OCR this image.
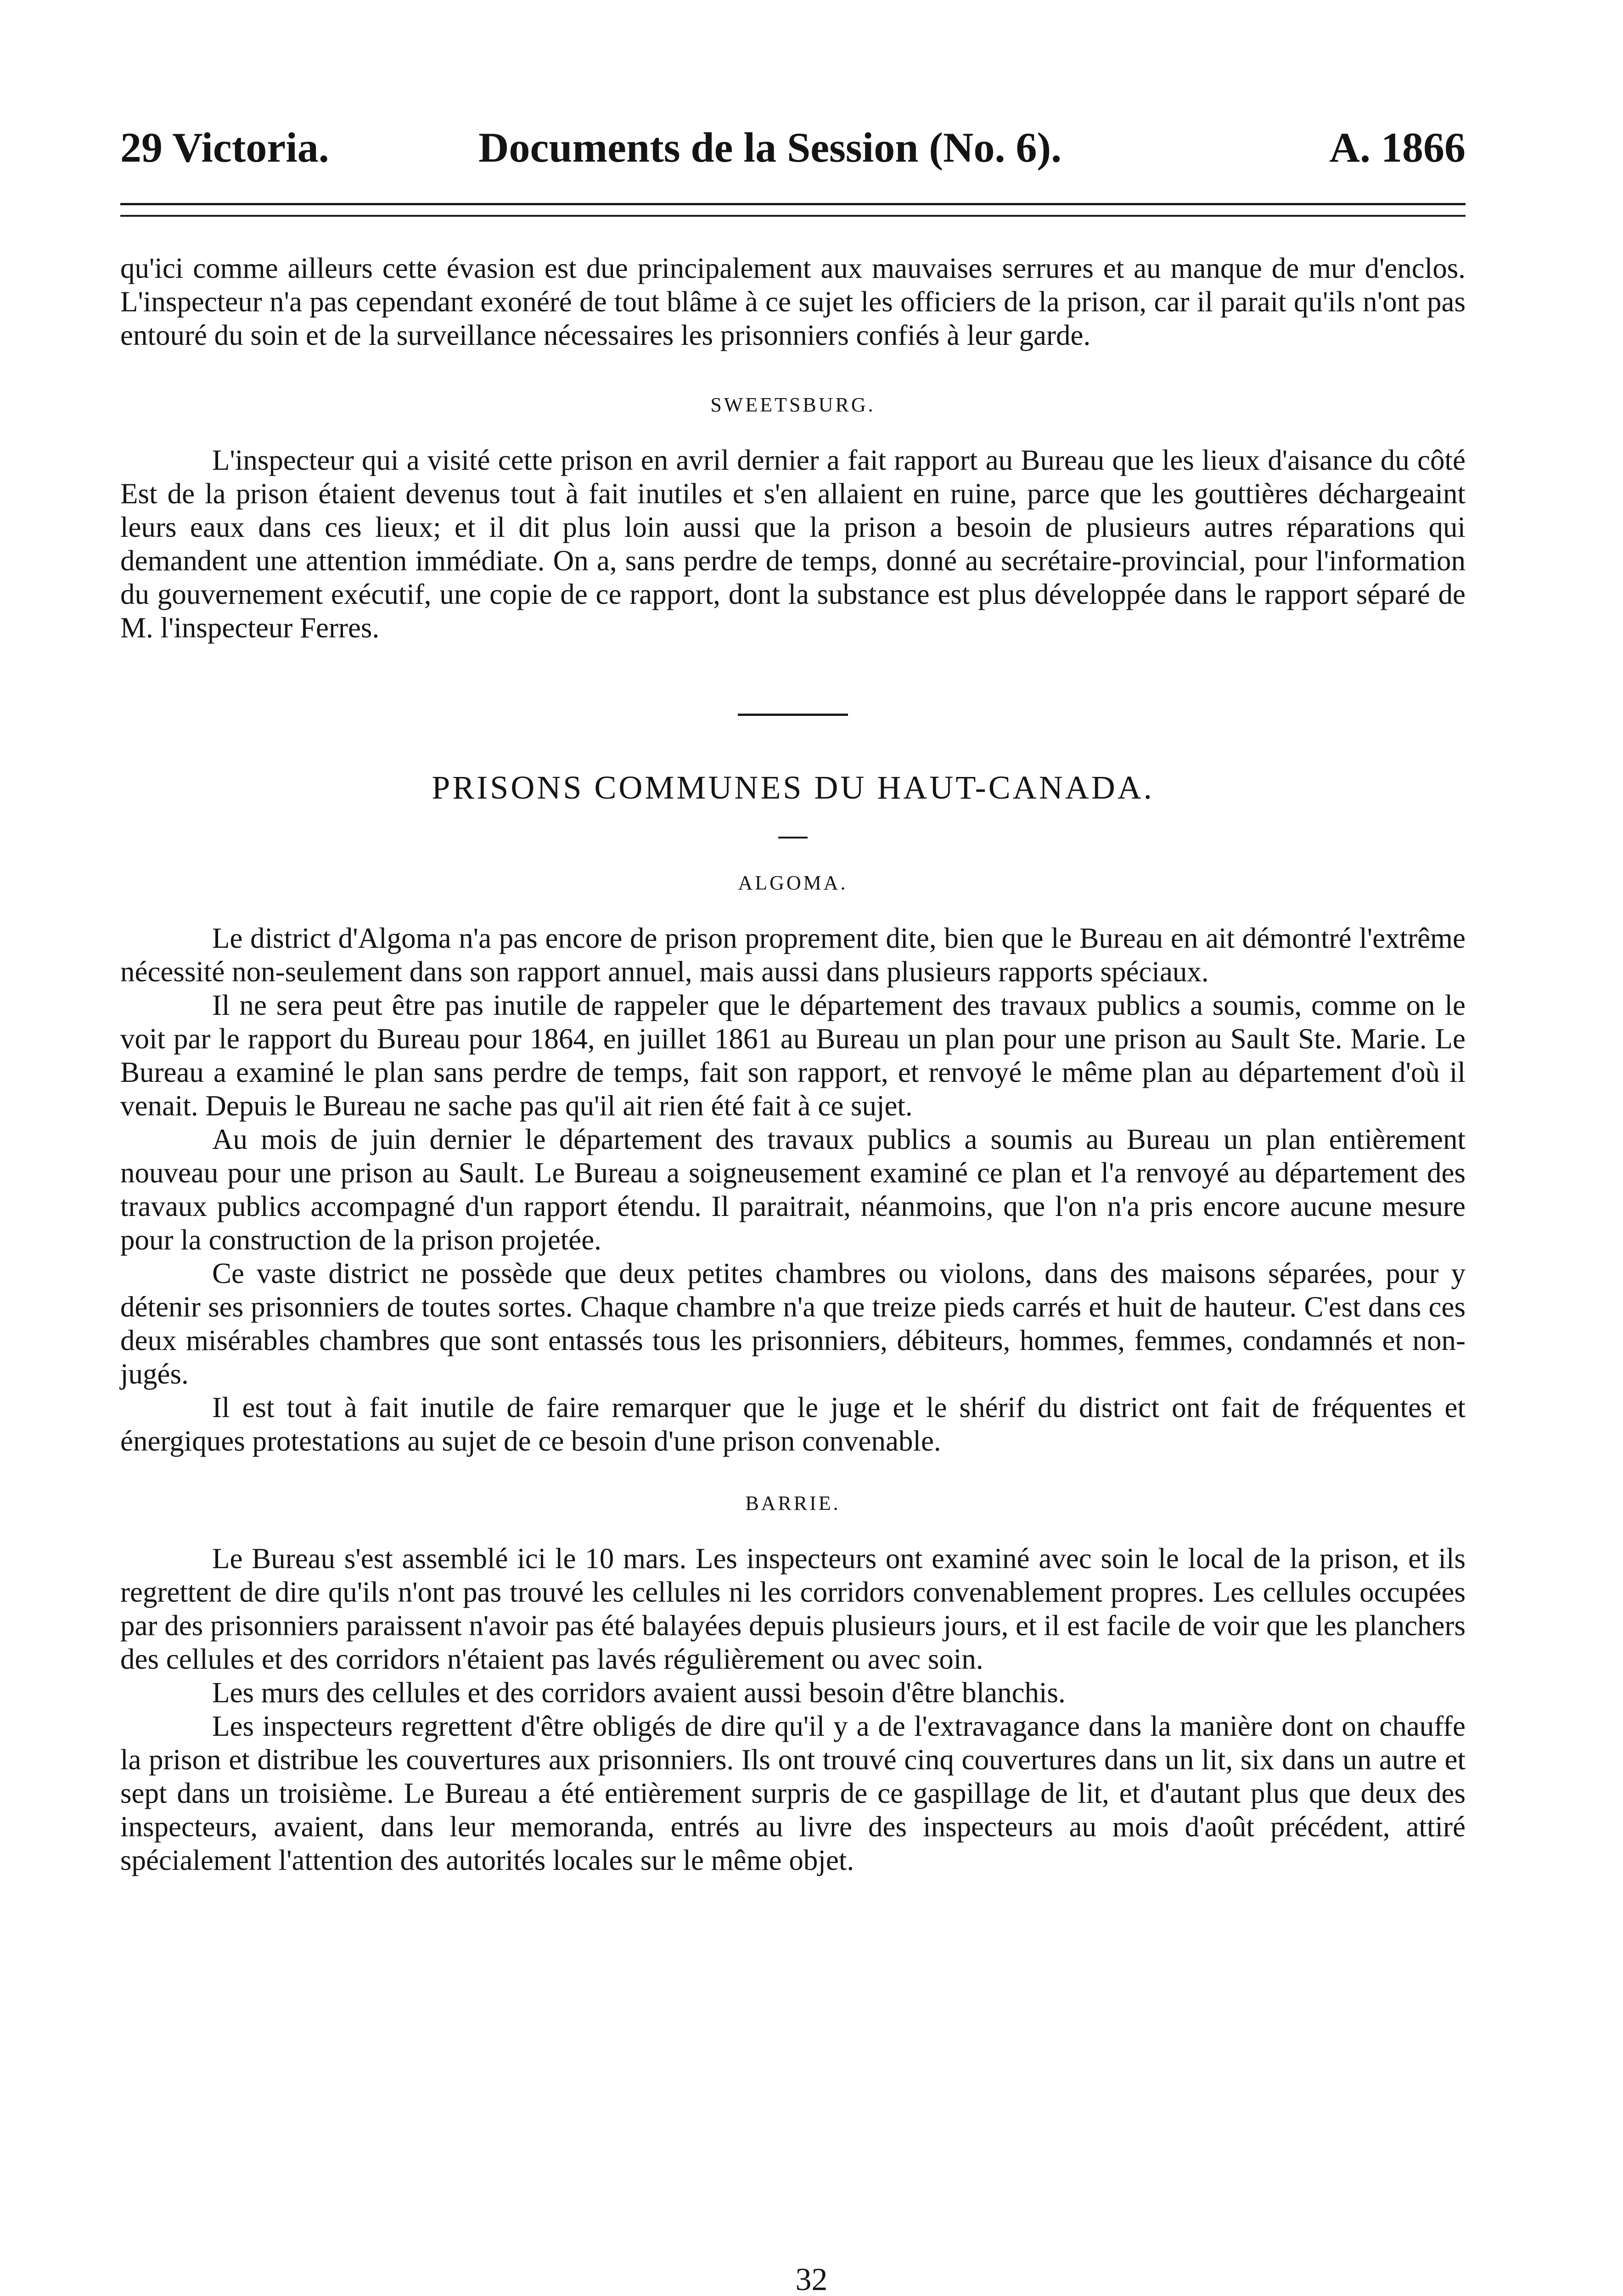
29 Victoria.	Documents de la Session (No. 6).	A. 1866

qu'ici comme ailleurs cette évasion est due principalement aux mauvaises serrures et au manque de mur d'enclos. L'inspecteur n'a pas cependant exonéré de tout blâme à ce sujet les officiers de la prison, car il parait qu'ils n'ont pas entouré du soin et de la surveillance nécessaires les prisonniers confiés à leur garde.

SWEETSBURG.

L'inspecteur qui a visité cette prison en avril dernier a fait rapport au Bureau que les lieux d'aisance du côté Est de la prison étaient devenus tout à fait inutiles et s'en allaient en ruine, parce que les gouttières déchargeaint leurs eaux dans ces lieux; et il dit plus loin aussi que la prison a besoin de plusieurs autres réparations qui demandent une attention immédiate. On a, sans perdre de temps, donné au secrétaire-provincial, pour l'information du gouvernement exécutif, une copie de ce rapport, dont la substance est plus développée dans le rapport séparé de M. l'inspecteur Ferres.

PRISONS COMMUNES DU HAUT-CANADA.
ALGOMA.

Le district d'Algoma n'a pas encore de prison proprement dite, bien que le Bureau en ait démontré l'extrême nécessité non-seulement dans son rapport annuel, mais aussi dans plusieurs rapports spéciaux.

Il ne sera peut être pas inutile de rappeler que le département des travaux publics a soumis, comme on le voit par le rapport du Bureau pour 1864, en juillet 1861 au Bureau un plan pour une prison au Sault Ste. Marie. Le Bureau a examiné le plan sans perdre de temps, fait son rapport, et renvoyé le même plan au département d'où il venait. Depuis le Bureau ne sache pas qu'il ait rien été fait à ce sujet.

Au mois de juin dernier le département des travaux publics a soumis au Bureau un plan entièrement nouveau pour une prison au Sault. Le Bureau a soigneusement examiné ce plan et l'a renvoyé au département des travaux publics accompagné d'un rapport étendu. Il paraitrait, néanmoins, que l'on n'a pris encore aucune mesure pour la construction de la prison projetée.

Ce vaste district ne possède que deux petites chambres ou violons, dans des maisons séparées, pour y détenir ses prisonniers de toutes sortes. Chaque chambre n'a que treize pieds carrés et huit de hauteur. C'est dans ces deux misérables chambres que sont entassés tous les prisonniers, débiteurs, hommes, femmes, condamnés et non-jugés.

Il est tout à fait inutile de faire remarquer que le juge et le shérif du district ont fait de fréquentes et énergiques protestations au sujet de ce besoin d'une prison convenable.

BARRIE.

Le Bureau s'est assemblé ici le 10 mars. Les inspecteurs ont examiné avec soin le local de la prison, et ils regrettent de dire qu'ils n'ont pas trouvé les cellules ni les corridors convenablement propres. Les cellules occupées par des prisonniers paraissent n'avoir pas été balayées depuis plusieurs jours, et il est facile de voir que les planchers des cellules et des corridors n'étaient pas lavés régulièrement ou avec soin.

Les murs des cellules et des corridors avaient aussi besoin d'être blanchis.

Les inspecteurs regrettent d'être obligés de dire qu'il y a de l'extravagance dans la manière dont on chauffe la prison et distribue les couvertures aux prisonniers. Ils ont trouvé cinq couvertures dans un lit, six dans un autre et sept dans un troisième. Le Bureau a été entièrement surpris de ce gaspillage de lit, et d'autant plus que deux des inspecteurs, avaient, dans leur memoranda, entrés au livre des inspecteurs au mois d'août précédent, attiré spécialement l'attention des autorités locales sur le même objet.

32
